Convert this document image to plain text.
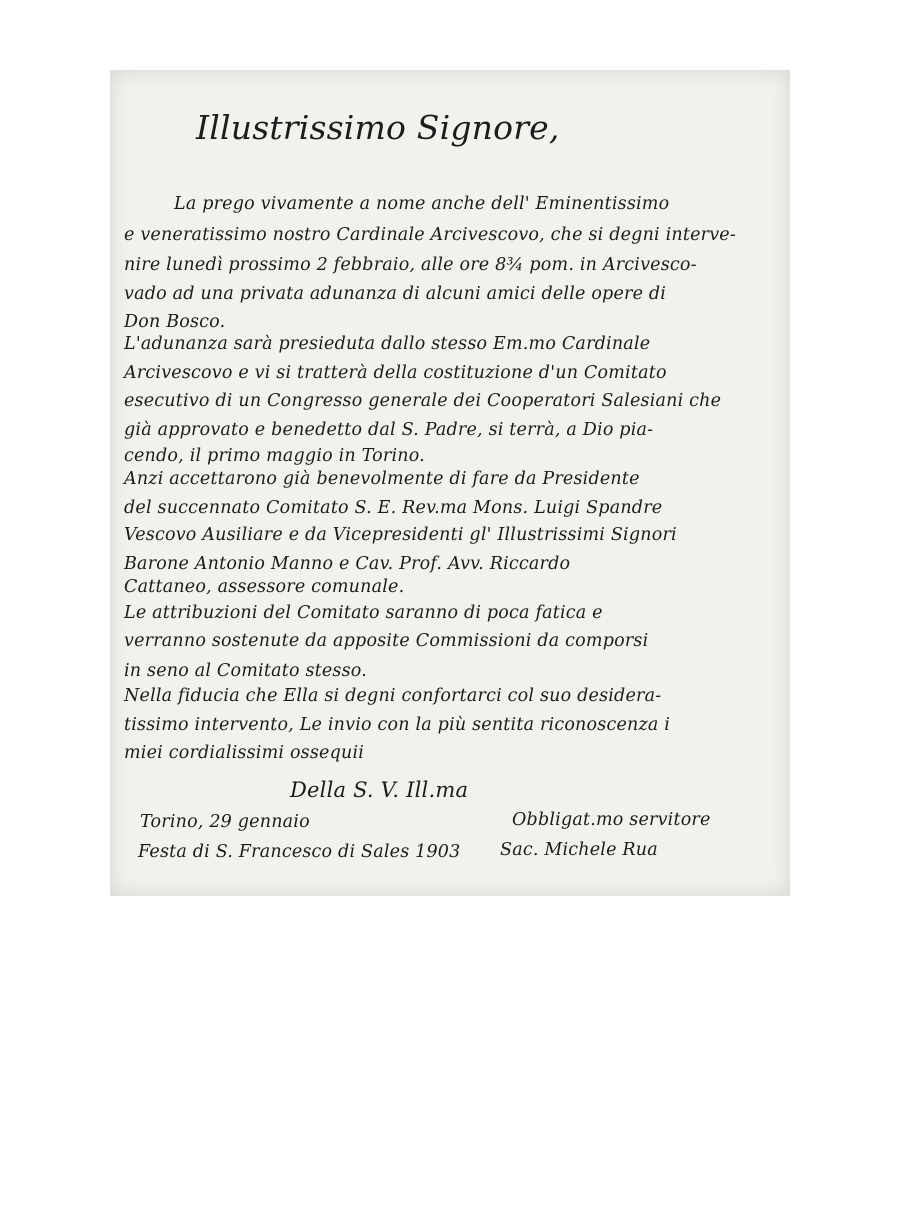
Illustrissimo Signore,
La prego vivamente a nome anche dell' Eminentissimo
e veneratissimo nostro Cardinale Arcivescovo, che si degni interve-
nire lunedì prossimo 2 febbraio, alle ore 8¾ pom. in Arcivesco-
vado ad una privata adunanza di alcuni amici delle opere di
Don Bosco.
L'adunanza sarà presieduta dallo stesso Em.mo Cardinale
Arcivescovo e vi si tratterà della costituzione d'un Comitato
esecutivo di un Congresso generale dei Cooperatori Salesiani che
già approvato e benedetto dal S. Padre, si terrà, a Dio pia-
cendo, il primo maggio in Torino.
Anzi accettarono già benevolmente di fare da Presidente
del succennato Comitato S. E. Rev.ma Mons. Luigi Spandre
Vescovo Ausiliare e da Vicepresidenti gl' Illustrissimi Signori
Barone Antonio Manno e Cav. Prof. Avv. Riccardo
Cattaneo, assessore comunale.
Le attribuzioni del Comitato saranno di poca fatica e
verranno sostenute da apposite Commissioni da comporsi
in seno al Comitato stesso.
Nella fiducia che Ella si degni confortarci col suo desidera-
tissimo intervento, Le invio con la più sentita riconoscenza i
miei cordialissimi ossequii
Della S. V. Ill.ma
Torino, 29 gennaio
Festa di S. Francesco di Sales 1903
Obbligat.mo servitore
Sac. Michele Rua
